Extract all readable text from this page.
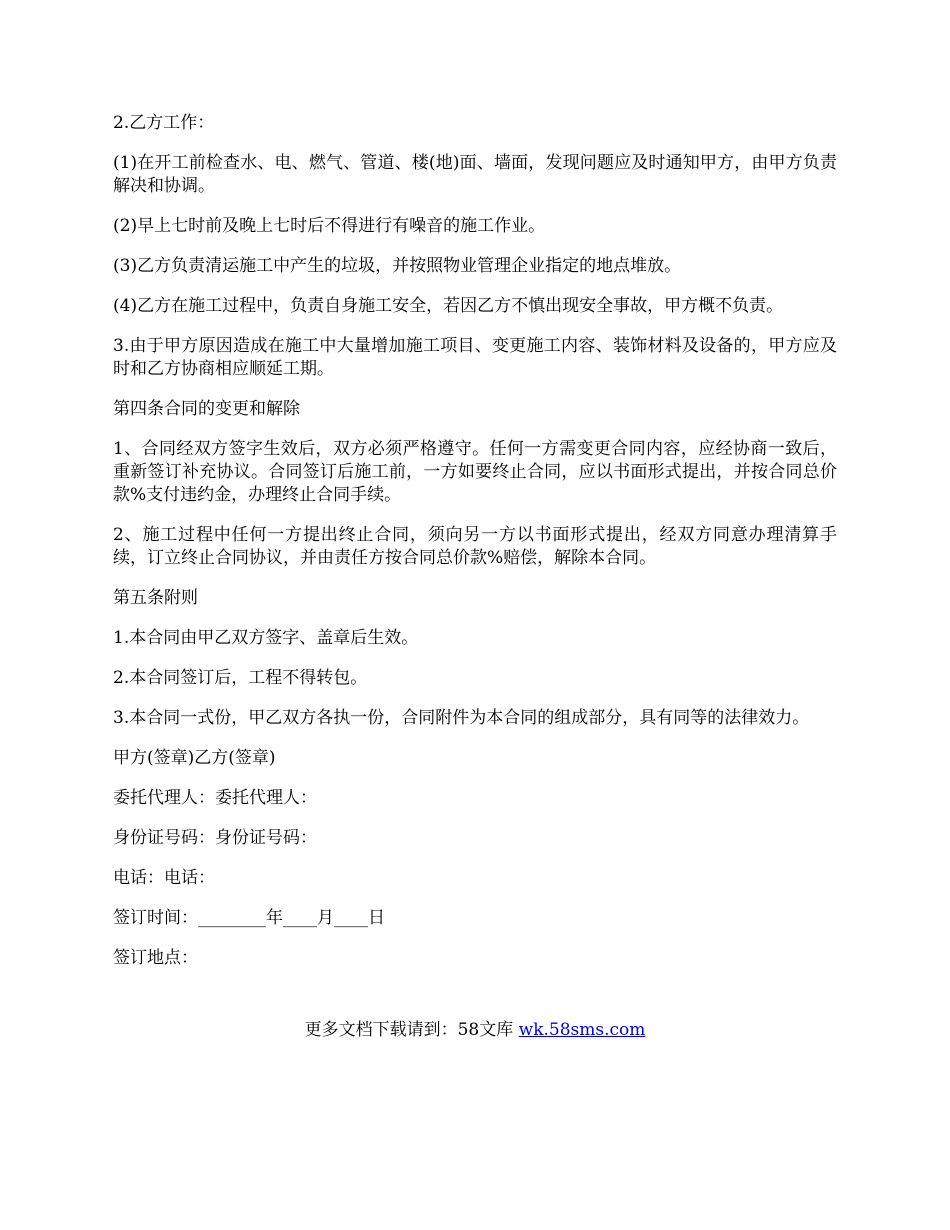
2.乙方工作：

(1)在开工前检查水、电、燃气、管道、楼(地)面、墙面，发现问题应及时通知甲方，由甲方负责解决和协调。

(2)早上七时前及晚上七时后不得进行有噪音的施工作业。

(3)乙方负责清运施工中产生的垃圾，并按照物业管理企业指定的地点堆放。

(4)乙方在施工过程中，负责自身施工安全，若因乙方不慎出现安全事故，甲方概不负责。

3.由于甲方原因造成在施工中大量增加施工项目、变更施工内容、装饰材料及设备的，甲方应及时和乙方协商相应顺延工期。

第四条合同的变更和解除

1、合同经双方签字生效后，双方必须严格遵守。任何一方需变更合同内容，应经协商一致后，重新签订补充协议。合同签订后施工前，一方如要终止合同，应以书面形式提出，并按合同总价款%支付违约金，办理终止合同手续。

2、施工过程中任何一方提出终止合同，须向另一方以书面形式提出，经双方同意办理清算手续，订立终止合同协议，并由责任方按合同总价款%赔偿，解除本合同。

第五条附则

1.本合同由甲乙双方签字、盖章后生效。

2.本合同签订后，工程不得转包。

3.本合同一式份，甲乙双方各执一份，合同附件为本合同的组成部分，具有同等的法律效力。

甲方(签章)乙方(签章)

委托代理人：委托代理人：

身份证号码：身份证号码：

电话：电话：

签订时间：________年____月____日

签订地点：

更多文档下载请到：58文库 wk.58sms.com
